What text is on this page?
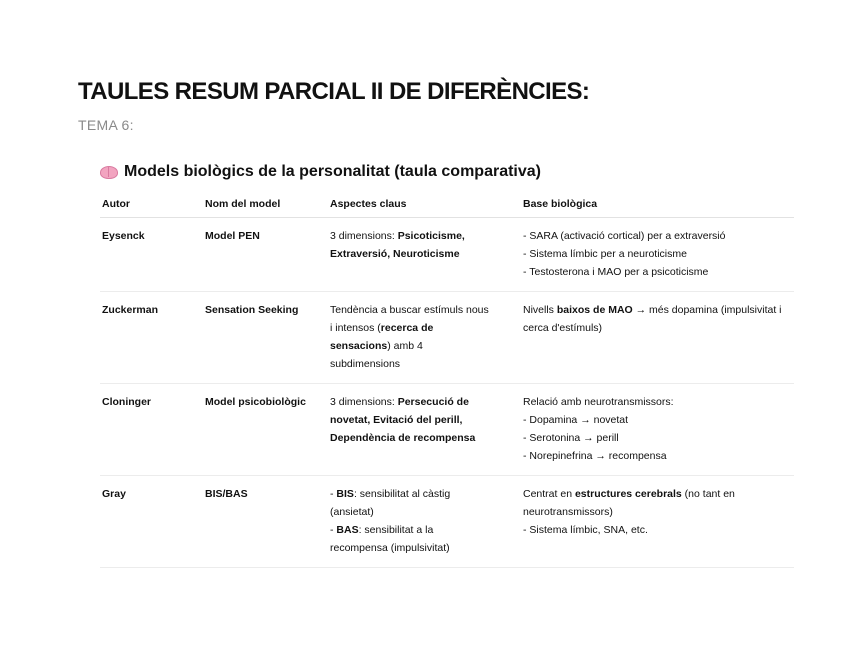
TAULES RESUM PARCIAL II DE DIFERÈNCIES:
TEMA 6:
Models biològics de la personalitat (taula comparativa)
Autor	Nom del model	Aspectes claus	Base biològica
Eysenck	Model PEN	3 dimensions: Psicoticisme,
Extraversió, Neuroticisme	- SARA (activació cortical) per a extraversió
- Sistema límbic per a neuroticisme
- Testosterona i MAO per a psicoticisme

Zuckerman	Sensation Seeking	Tendència a buscar estímuls nous
i intensos (recerca de
sensacions) amb 4
subdimensions	Nivells baixos de MAO → més dopamina (impulsivitat i
cerca d'estímuls)

Cloninger	Model psicobiològic	3 dimensions: Persecució de
novetat, Evitació del perill,
Dependència de recompensa	Relació amb neurotransmissors:
- Dopamina → novetat
- Serotonina → perill
- Norepinefrina → recompensa

Gray	BIS/BAS	- BIS: sensibilitat al càstig
(ansietat)
- BAS: sensibilitat a la
recompensa (impulsivitat)	Centrat en estructures cerebrals (no tant en
neurotransmissors)
- Sistema límbic, SNA, etc.
